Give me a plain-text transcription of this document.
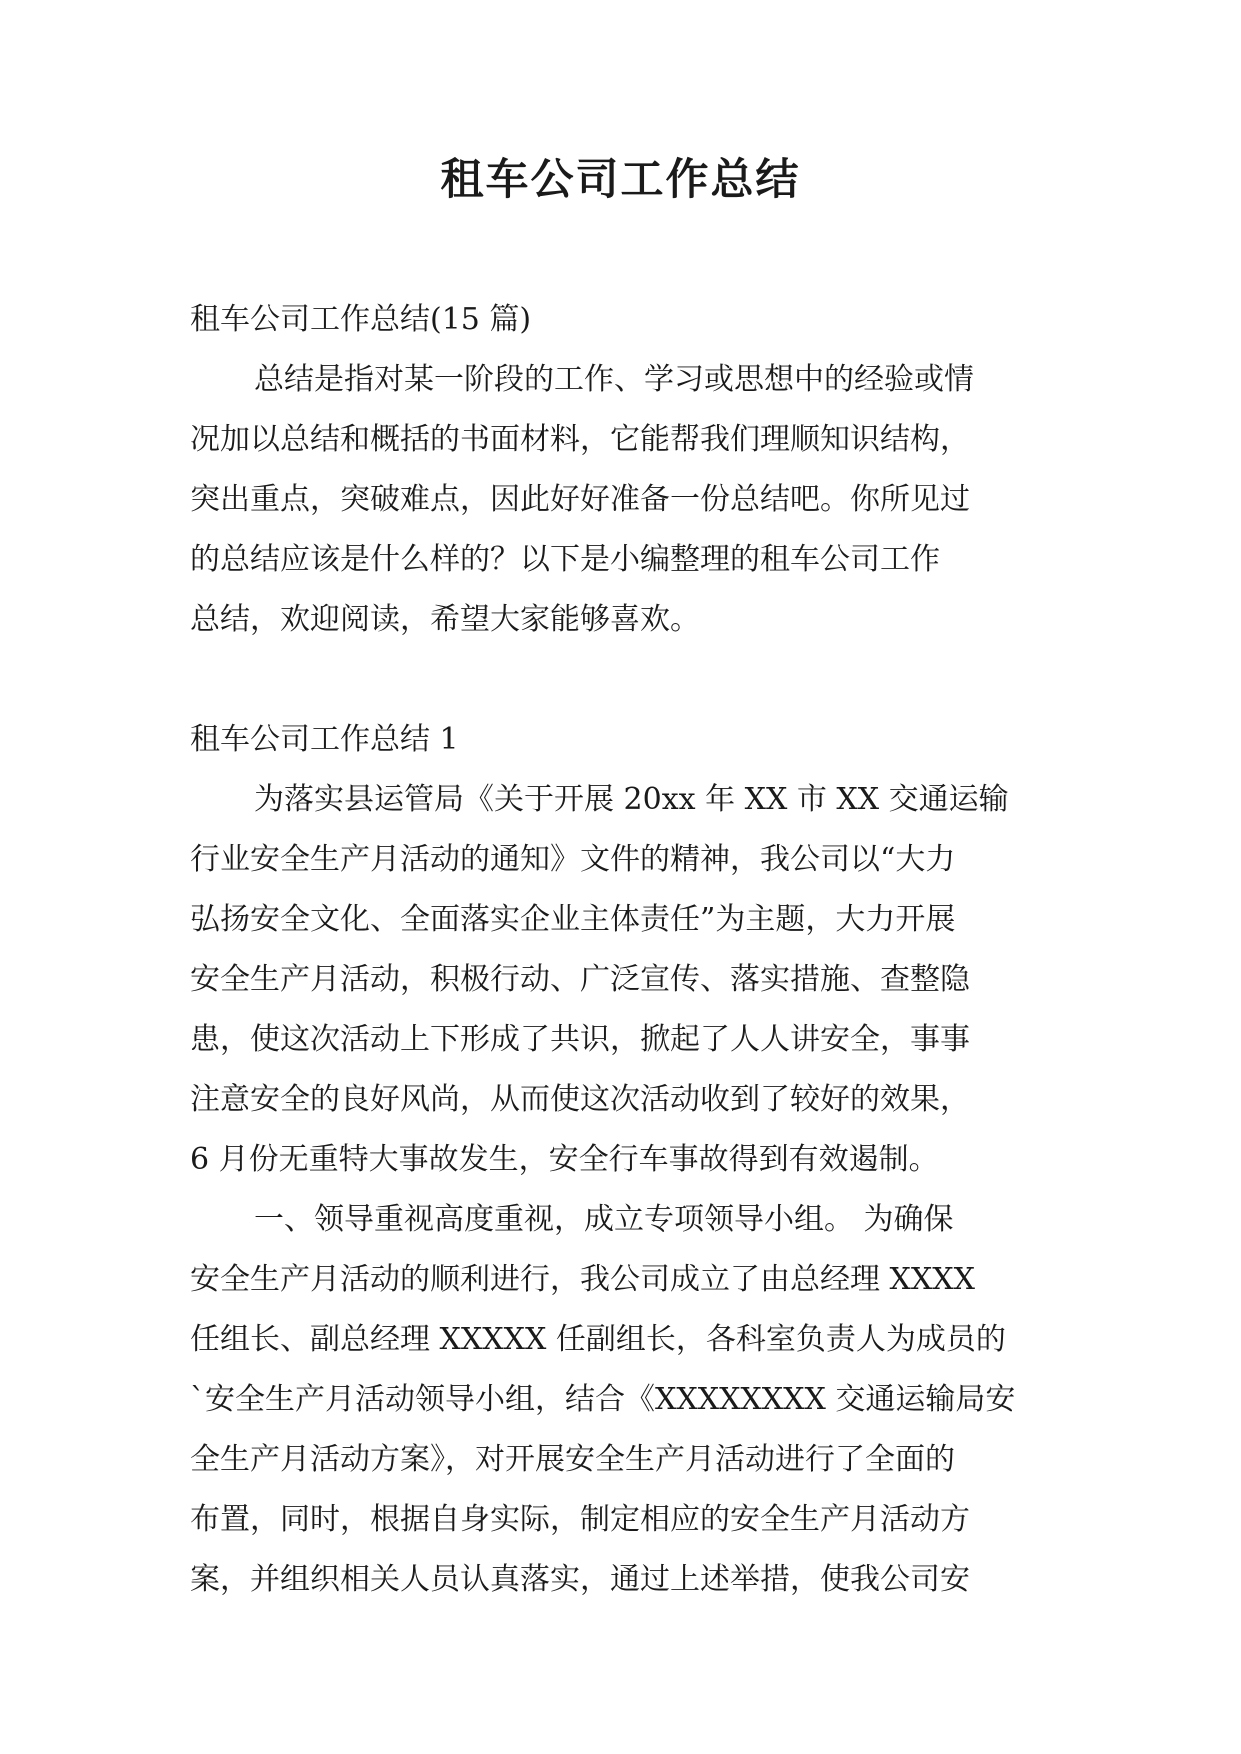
租车公司工作总结
租车公司工作总结(15 篇)
总结是指对某一阶段的工作、学习或思想中的经验或情
况加以总结和概括的书面材料，它能帮我们理顺知识结构，
突出重点，突破难点，因此好好准备一份总结吧。你所见过
的总结应该是什么样的？以下是小编整理的租车公司工作
总结，欢迎阅读，希望大家能够喜欢。
租车公司工作总结 1
为落实县运管局《关于开展 20xx 年 XX 市 XX 交通运输
行业安全生产月活动的通知》文件的精神，我公司以“大力
弘扬安全文化、全面落实企业主体责任”为主题，大力开展
安全生产月活动，积极行动、广泛宣传、落实措施、查整隐
患，使这次活动上下形成了共识，掀起了人人讲安全，事事
注意安全的良好风尚，从而使这次活动收到了较好的效果，
6 月份无重特大事故发生，安全行车事故得到有效遏制。
一、领导重视高度重视，成立专项领导小组。 为确保
安全生产月活动的顺利进行，我公司成立了由总经理 XXXX
任组长、副总经理 XXXXX 任副组长，各科室负责人为成员的
`安全生产月活动领导小组，结合《XXXXXXXX 交通运输局安
全生产月活动方案》，对开展安全生产月活动进行了全面的
布置，同时，根据自身实际，制定相应的安全生产月活动方
案，并组织相关人员认真落实，通过上述举措，使我公司安
